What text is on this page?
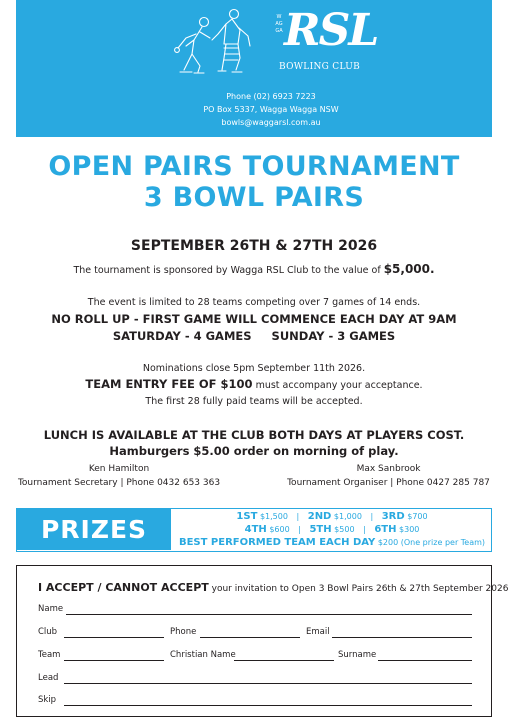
WAGGA RSL
BOWLING CLUB
Phone (02) 6923 7223
PO Box 5337, Wagga Wagga NSW
bowls@waggarsl.com.au
OPEN PAIRS TOURNAMENT
3 BOWL PAIRS
SEPTEMBER 26TH & 27TH 2026
The tournament is sponsored by Wagga RSL Club to the value of $5,000.
The event is limited to 28 teams competing over 7 games of 14 ends.
NO ROLL UP - FIRST GAME WILL COMMENCE EACH DAY AT 9AM
SATURDAY - 4 GAMES SUNDAY - 3 GAMES
Nominations close 5pm September 11th 2026.
TEAM ENTRY FEE OF $100 must accompany your acceptance.
The first 28 fully paid teams will be accepted.
LUNCH IS AVAILABLE AT THE CLUB BOTH DAYS AT PLAYERS COST.
Hamburgers $5.00 order on morning of play.
Ken Hamilton
Tournament Secretary | Phone 0432 653 363
Max Sanbrook
Tournament Organiser | Phone 0427 285 787
PRIZES	1ST $1,500 | 2ND $1,000 | 3RD $700
4TH $600 | 5TH $500 | 6TH $300
BEST PERFORMED TEAM EACH DAY $200 (One prize per Team)
I ACCEPT / CANNOT ACCEPT your invitation to Open 3 Bowl Pairs 26th & 27th September 2026
Name
Club	Phone	Email
Team	Christian Name	Surname
Lead
Skip
